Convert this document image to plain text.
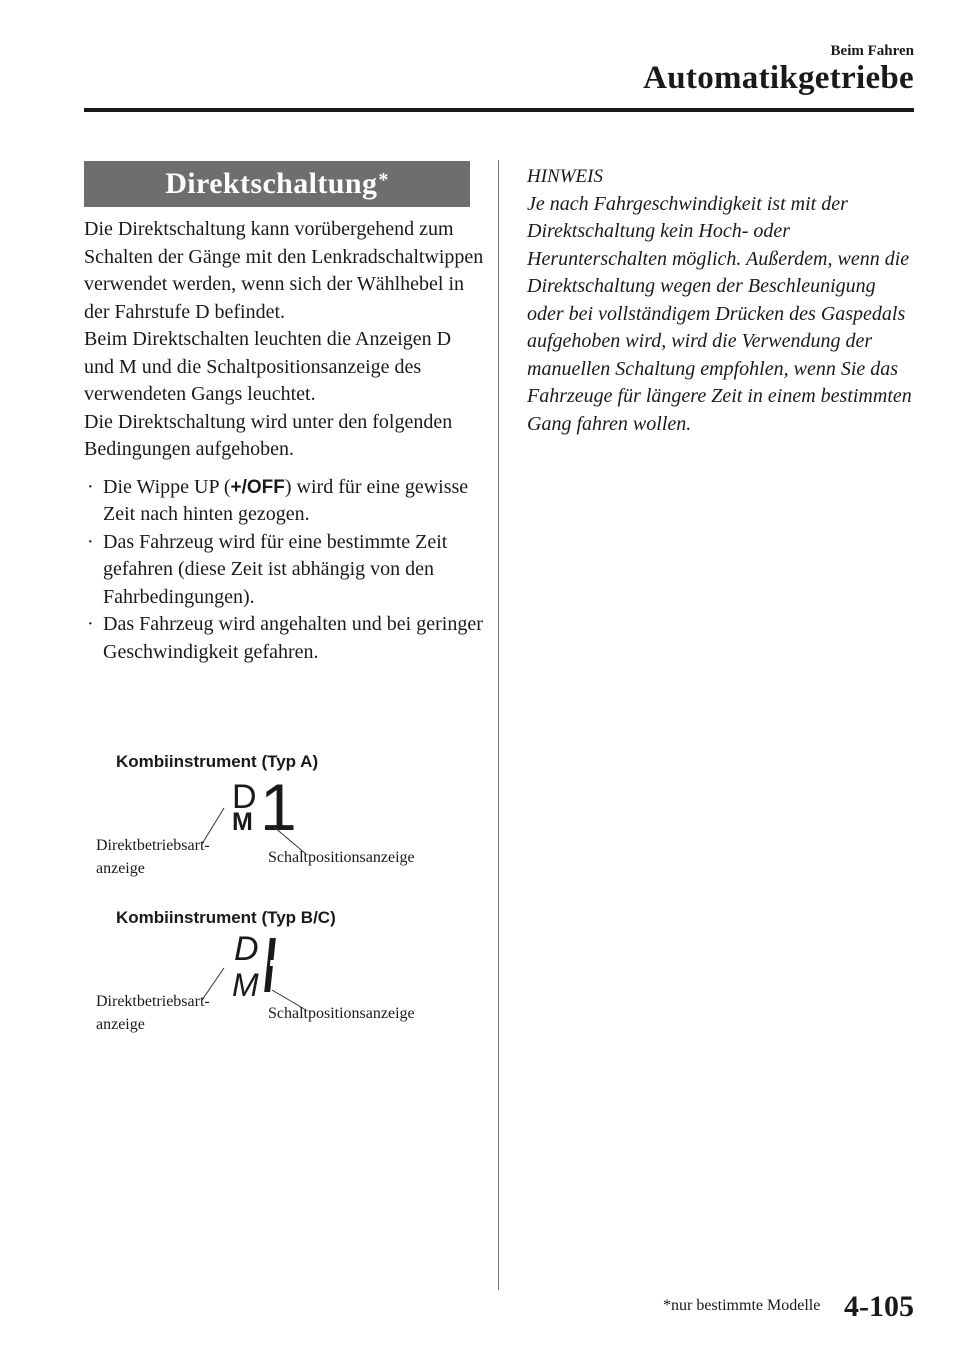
Beim Fahren
Automatikgetriebe
Direktschaltung*

Die Direktschaltung kann vorübergehend zum Schalten der Gänge mit den Lenkradschaltwippen verwendet werden, wenn sich der Wählhebel in der Fahrstufe D befindet.

Beim Direktschalten leuchten die Anzeigen D und M und die Schaltpositionsanzeige des verwendeten Gangs leuchtet.

Die Direktschaltung wird unter den folgenden Bedingungen aufgehoben.

· Die Wippe UP (+/OFF) wird für eine gewisse Zeit nach hinten gezogen.
· Das Fahrzeug wird für eine bestimmte Zeit gefahren (diese Zeit ist abhängig von den Fahrbedingungen).
· Das Fahrzeug wird angehalten und bei geringer Geschwindigkeit gefahren.
Kombiinstrument (Typ A)
D
M 1
Direktbetriebsart-
anzeige
Schaltpositionsanzeige
Kombiinstrument (Typ B/C)
D
M
Direktbetriebsart-
anzeige
Schaltpositionsanzeige
HINWEIS
Je nach Fahrgeschwindigkeit ist mit der Direktschaltung kein Hoch- oder Herunterschalten möglich. Außerdem, wenn die Direktschaltung wegen der Beschleunigung oder bei vollständigem Drücken des Gaspedals aufgehoben wird, wird die Verwendung der manuellen Schaltung empfohlen, wenn Sie das Fahrzeuge für längere Zeit in einem bestimmten Gang fahren wollen.
*nur bestimmte Modelle 4-105
